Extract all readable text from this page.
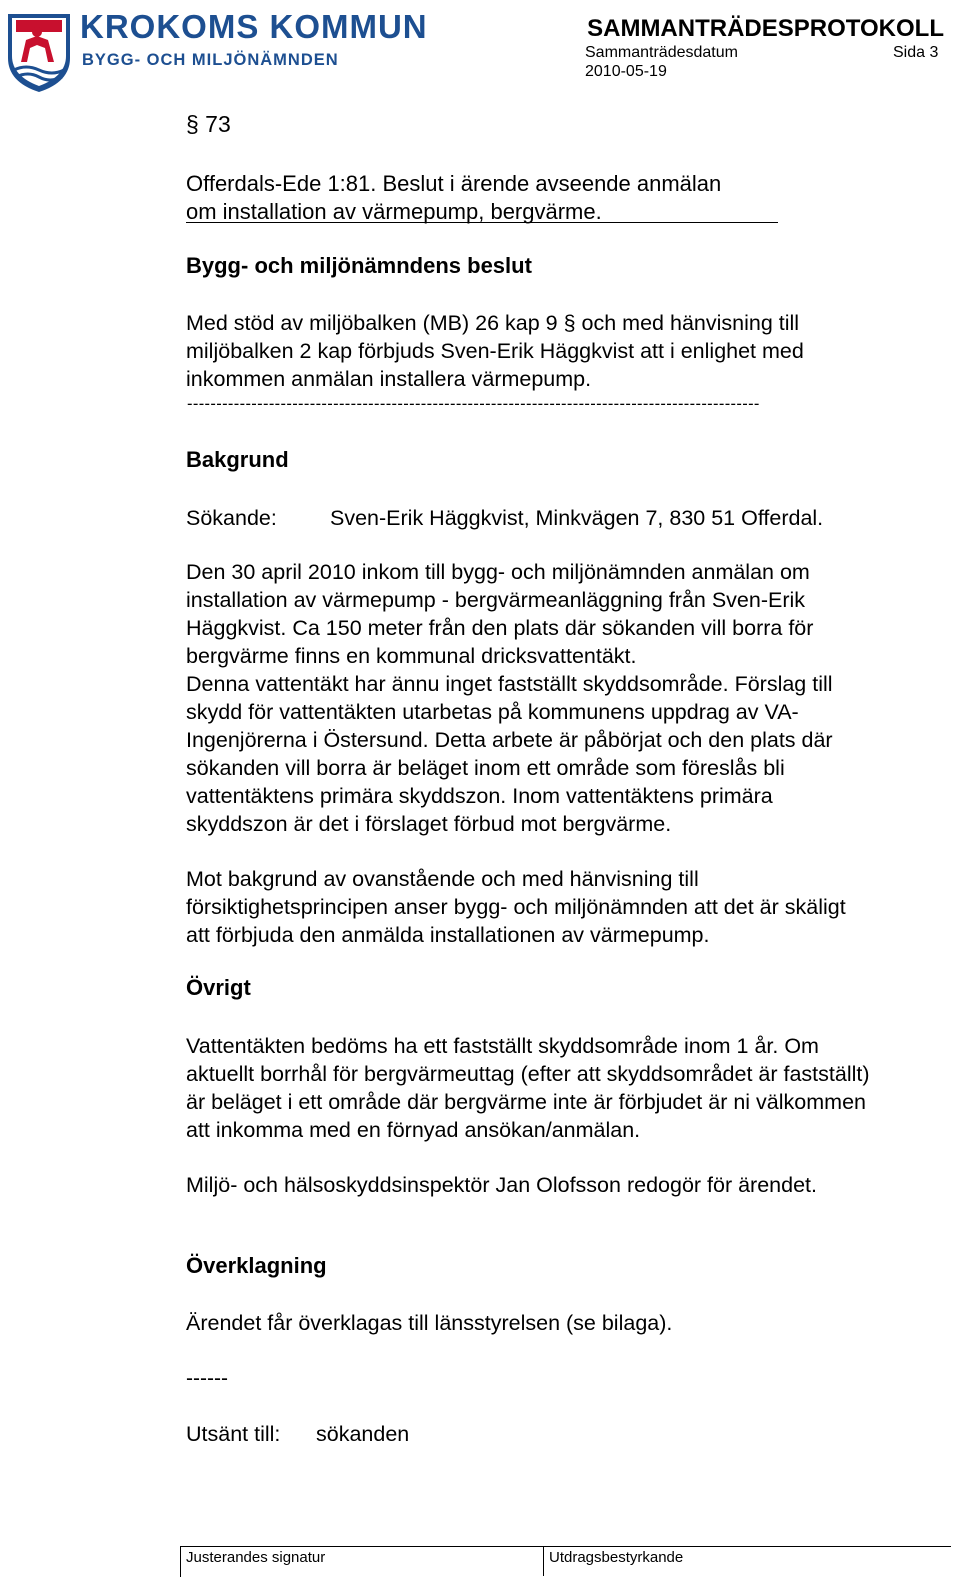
KROKOMS KOMMUN
BYGG- OCH MILJÖNÄMNDEN
SAMMANTRÄDESPROTOKOLL
Sammanträdesdatum	Sida 3
2010-05-19
§ 73
Offerdals-Ede 1:81. Beslut i ärende avseende anmälan
om installation av värmepump, bergvärme.
Bygg- och miljönämndens beslut
Med stöd av miljöbalken (MB) 26 kap 9 § och med hänvisning till
miljöbalken 2 kap förbjuds Sven-Erik Häggkvist att i enlighet med
inkommen anmälan installera värmepump.
--------------------------------------------------------------------------------------------------
Bakgrund
Sökande: Sven-Erik Häggkvist, Minkvägen 7, 830 51 Offerdal.
Den 30 april 2010 inkom till bygg- och miljönämnden anmälan om
installation av värmepump - bergvärmeanläggning från Sven-Erik
Häggkvist. Ca 150 meter från den plats där sökanden vill borra för
bergvärme finns en kommunal dricksvattentäkt.
Denna vattentäkt har ännu inget fastställt skyddsområde. Förslag till
skydd för vattentäkten utarbetas på kommunens uppdrag av VA-
Ingenjörerna i Östersund. Detta arbete är påbörjat och den plats där
sökanden vill borra är beläget inom ett område som föreslås bli
vattentäktens primära skyddszon. Inom vattentäktens primära
skyddszon är det i förslaget förbud mot bergvärme.
Mot bakgrund av ovanstående och med hänvisning till
försiktighetsprincipen anser bygg- och miljönämnden att det är skäligt
att förbjuda den anmälda installationen av värmepump.
Övrigt
Vattentäkten bedöms ha ett fastställt skyddsområde inom 1 år. Om
aktuellt borrhål för bergvärmeuttag (efter att skyddsområdet är fastställt)
är beläget i ett område där bergvärme inte är förbjudet är ni välkommen
att inkomma med en förnyad ansökan/anmälan.
Miljö- och hälsoskyddsinspektör Jan Olofsson redogör för ärendet.
Överklagning
Ärendet får överklagas till länsstyrelsen (se bilaga).
------
Utsänt till: sökanden
Justerandes signatur	Utdragsbestyrkande
